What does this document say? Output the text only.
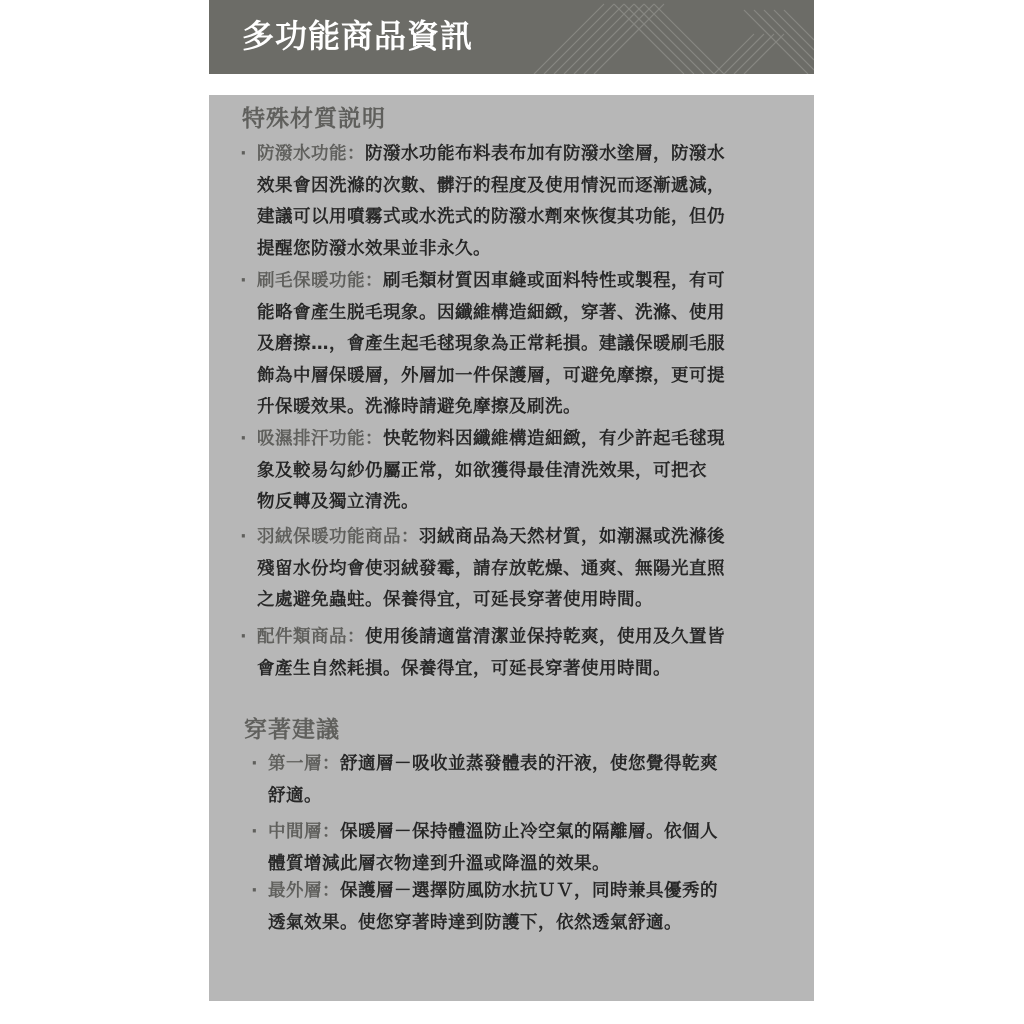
多功能商品資訊
特殊材質説明
· 防潑水功能：防潑水功能布料表布加有防潑水塗層，防潑水
效果會因洗滌的次數、髒汙的程度及使用情況而逐漸遞減，
建議可以用噴霧式或水洗式的防潑水劑來恢復其功能，但仍
提醒您防潑水效果並非永久。
· 刷毛保暖功能：刷毛類材質因車縫或面料特性或製程，有可
能略會產生脱毛現象。因纖維構造細緻，穿著、洗滌、使用
及磨擦…，會產生起毛毬現象為正常耗損。建議保暖刷毛服
飾為中層保暖層，外層加一件保護層，可避免摩擦，更可提
升保暖效果。洗滌時請避免摩擦及刷洗。
· 吸濕排汗功能：快乾物料因纖維構造細緻，有少許起毛毬現
象及較易勾紗仍屬正常，如欲獲得最佳清洗效果，可把衣
物反轉及獨立清洗。
· 羽絨保暖功能商品：羽絨商品為天然材質，如潮濕或洗滌後
殘留水份均會使羽絨發霉，請存放乾燥、通爽、無陽光直照
之處避免蟲蛀。保養得宜，可延長穿著使用時間。
· 配件類商品：使用後請適當清潔並保持乾爽，使用及久置皆
會產生自然耗損。保養得宜，可延長穿著使用時間。
穿著建議
· 第一層：舒適層－吸收並蒸發體表的汗液，使您覺得乾爽
舒適。
· 中間層：保暖層－保持體溫防止冷空氣的隔離層。依個人
體質增減此層衣物達到升溫或降溫的效果。
· 最外層：保護層－選擇防風防水抗ＵＶ，同時兼具優秀的
透氣效果。使您穿著時達到防護下，依然透氣舒適。
